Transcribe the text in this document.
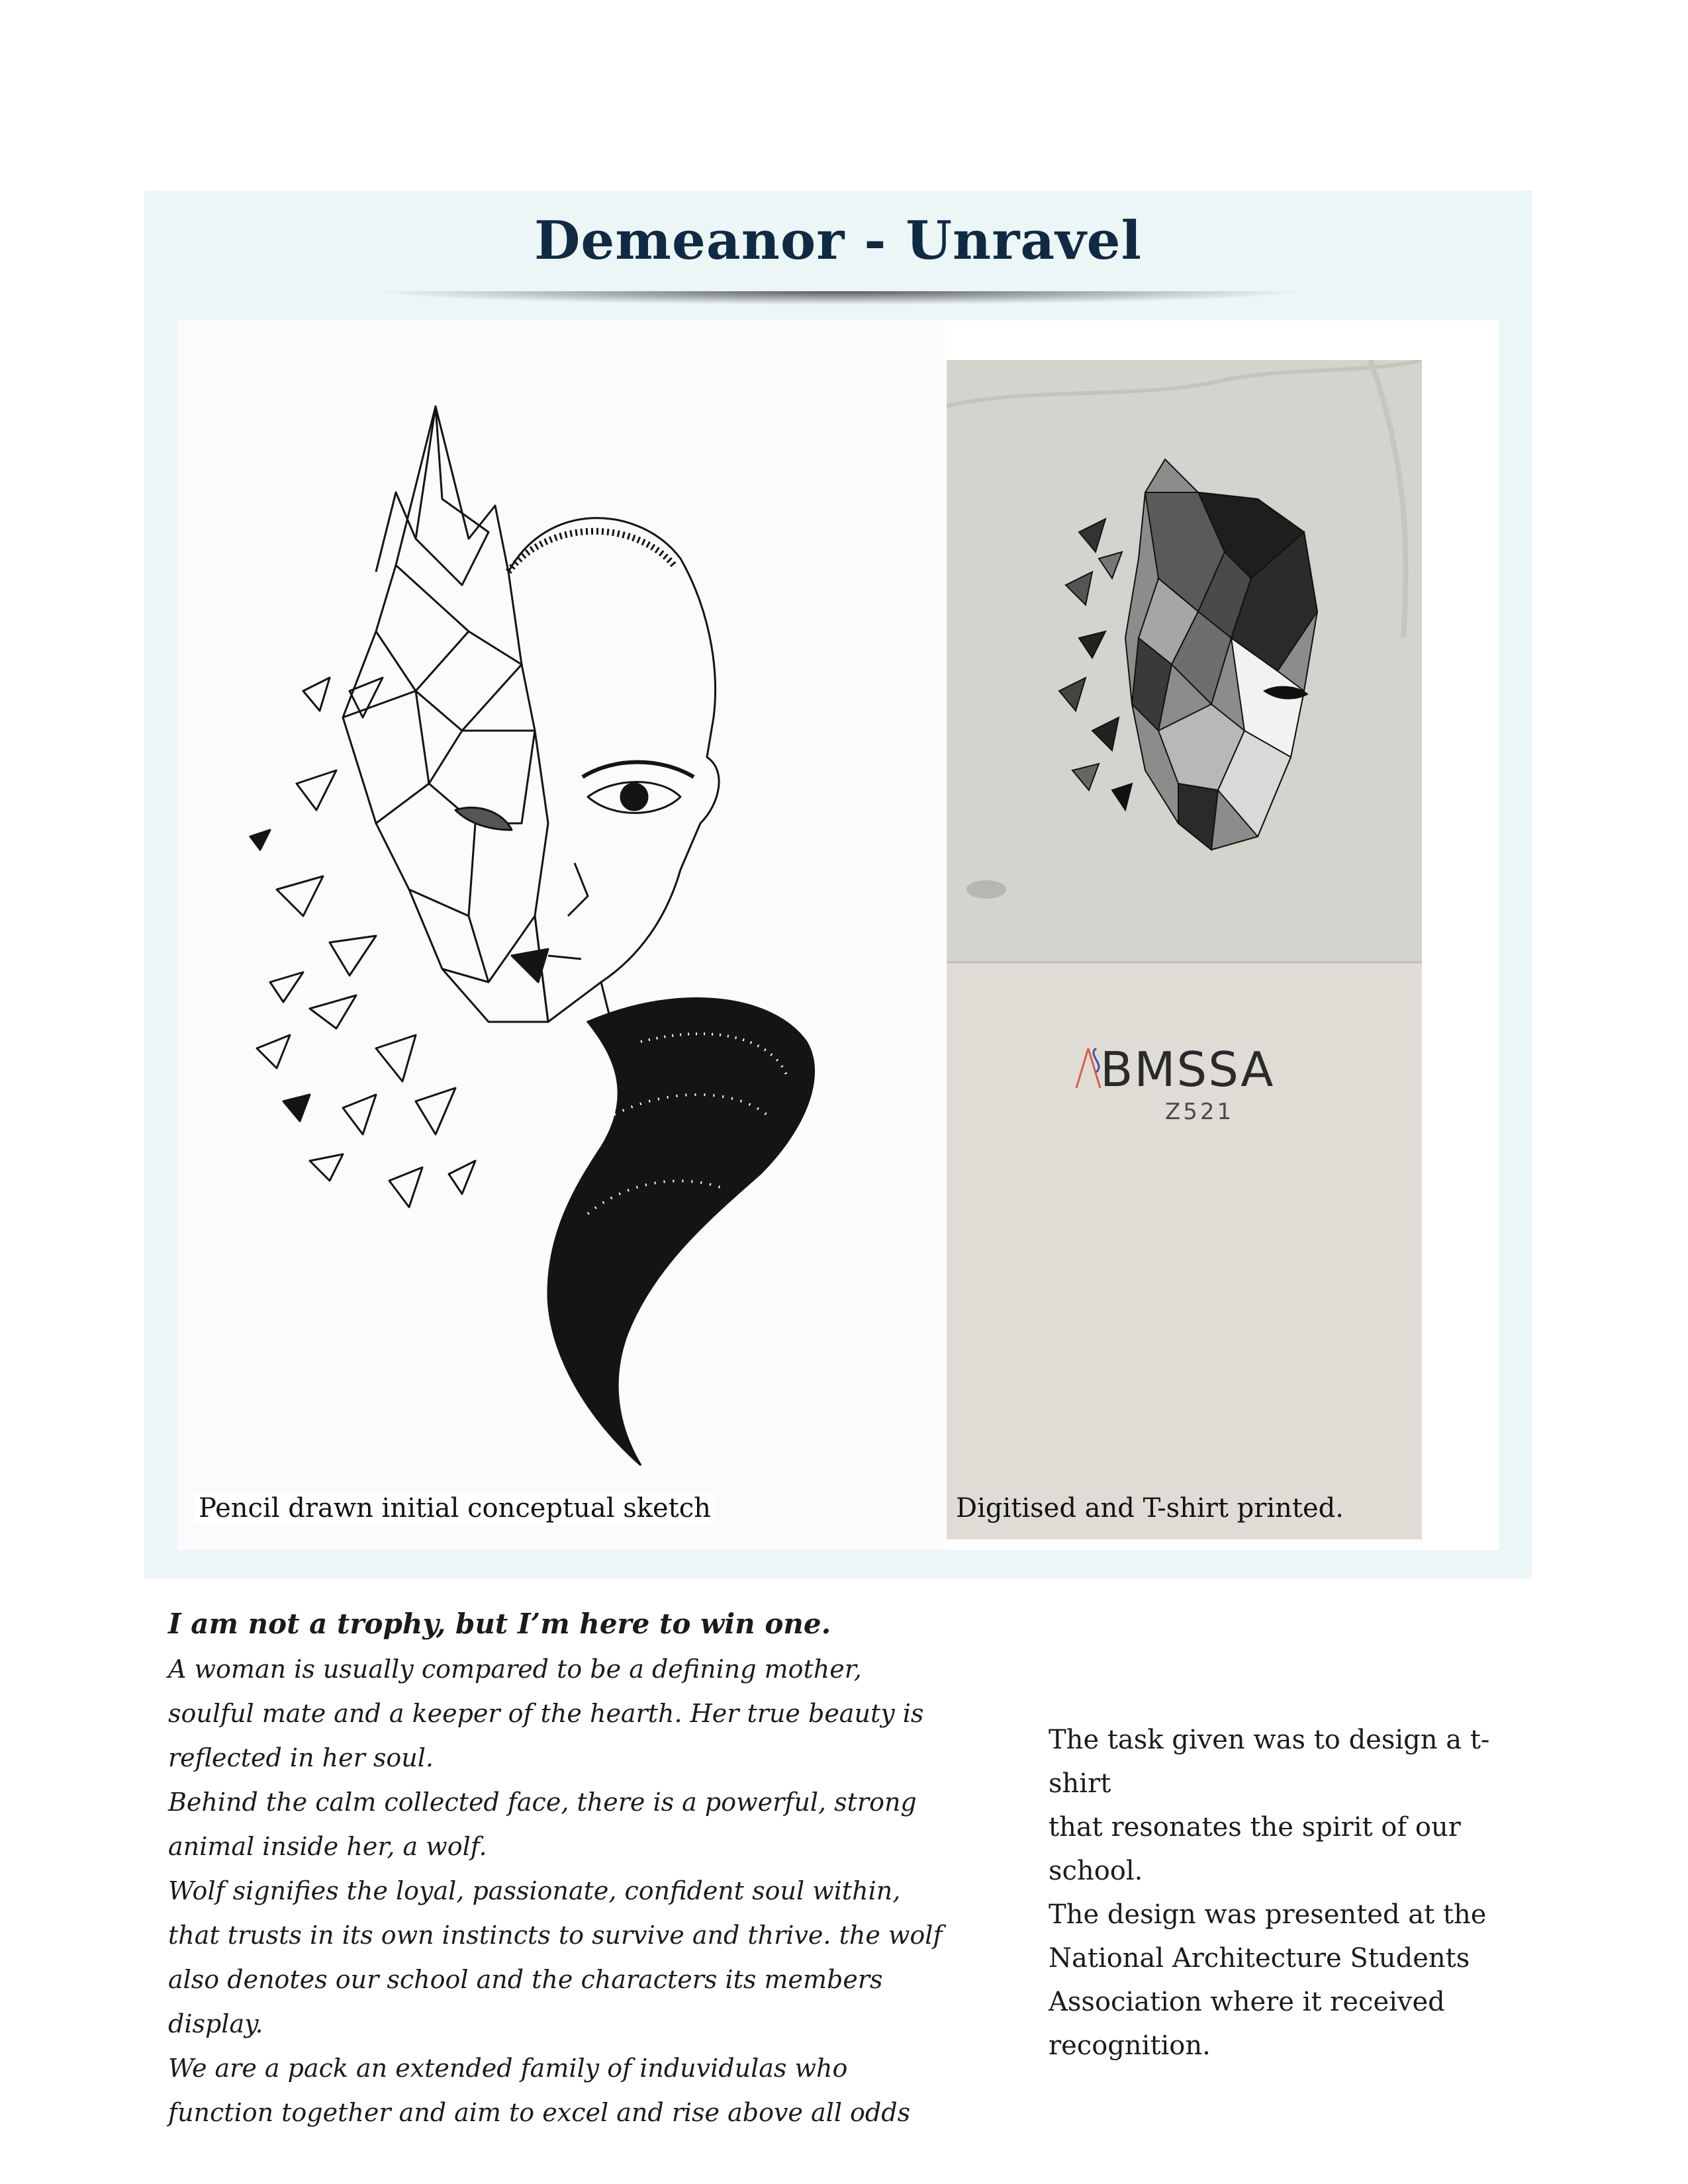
Demeanor - Unravel
Pencil drawn initial conceptual sketch
BMSSA
Z521
Digitised and T-shirt printed.
I am not a trophy, but I’m here to win one.
A woman is usually compared to be a defining mother,
soulful mate and a keeper of the hearth. Her true beauty is
reflected in her soul.
Behind the calm collected face, there is a powerful, strong
animal inside her, a wolf.
Wolf signifies the loyal, passionate, confident soul within,
that trusts in its own instincts to survive and thrive. the wolf
also denotes our school and the characters its members
display.
We are a pack an extended family of induvidulas who
function together and aim to excel and rise above all odds
The task given was to design a t-shirt
that resonates the spirit of our
school.
The design was presented at the
National Architecture Students
Association where it received
recognition.
